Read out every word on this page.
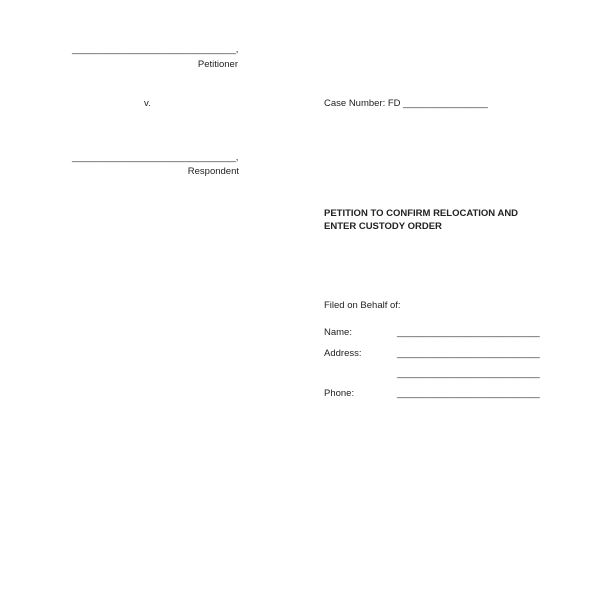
_______________________________,
Petitioner
v.	Case Number: FD ________________
_______________________________,
Respondent
PETITION TO CONFIRM RELOCATION AND
ENTER CUSTODY ORDER
Filed on Behalf of:
Name:	___________________________
Address:	___________________________
___________________________
Phone:	___________________________
